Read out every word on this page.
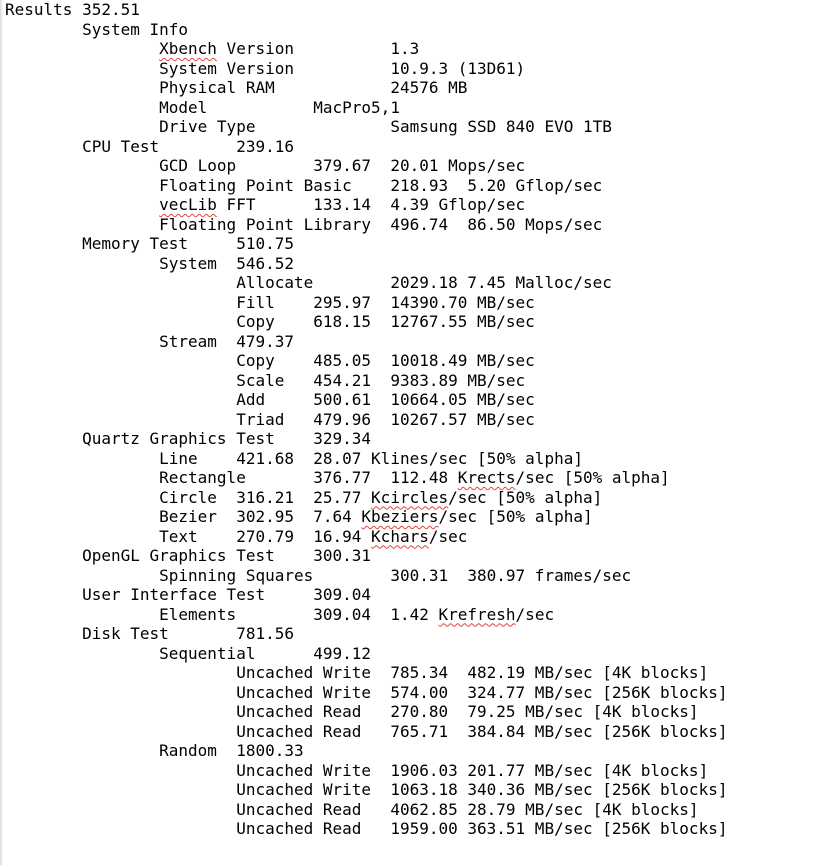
Results 352.51
System Info
Xbench Version          1.3
System Version          10.9.3 (13D61)
Physical RAM            24576 MB
Model           MacPro5,1
Drive Type              Samsung SSD 840 EVO 1TB
CPU Test        239.16
GCD Loop        379.67  20.01 Mops/sec
Floating Point Basic    218.93  5.20 Gflop/sec
vecLib FFT      133.14  4.39 Gflop/sec
Floating Point Library  496.74  86.50 Mops/sec
Memory Test     510.75
System  546.52
Allocate        2029.18 7.45 Malloc/sec
Fill    295.97  14390.70 MB/sec
Copy    618.15  12767.55 MB/sec
Stream  479.37
Copy    485.05  10018.49 MB/sec
Scale   454.21  9383.89 MB/sec
Add     500.61  10664.05 MB/sec
Triad   479.96  10267.57 MB/sec
Quartz Graphics Test    329.34
Line    421.68  28.07 Klines/sec [50% alpha]
Rectangle       376.77  112.48 Krects/sec [50% alpha]
Circle  316.21  25.77 Kcircles/sec [50% alpha]
Bezier  302.95  7.64 Kbeziers/sec [50% alpha]
Text    270.79  16.94 Kchars/sec
OpenGL Graphics Test    300.31
Spinning Squares        300.31  380.97 frames/sec
User Interface Test     309.04
Elements        309.04  1.42 Krefresh/sec
Disk Test       781.56
Sequential      499.12
Uncached Write  785.34  482.19 MB/sec [4K blocks]
Uncached Write  574.00  324.77 MB/sec [256K blocks]
Uncached Read   270.80  79.25 MB/sec [4K blocks]
Uncached Read   765.71  384.84 MB/sec [256K blocks]
Random  1800.33
Uncached Write  1906.03 201.77 MB/sec [4K blocks]
Uncached Write  1063.18 340.36 MB/sec [256K blocks]
Uncached Read   4062.85 28.79 MB/sec [4K blocks]
Uncached Read   1959.00 363.51 MB/sec [256K blocks]
